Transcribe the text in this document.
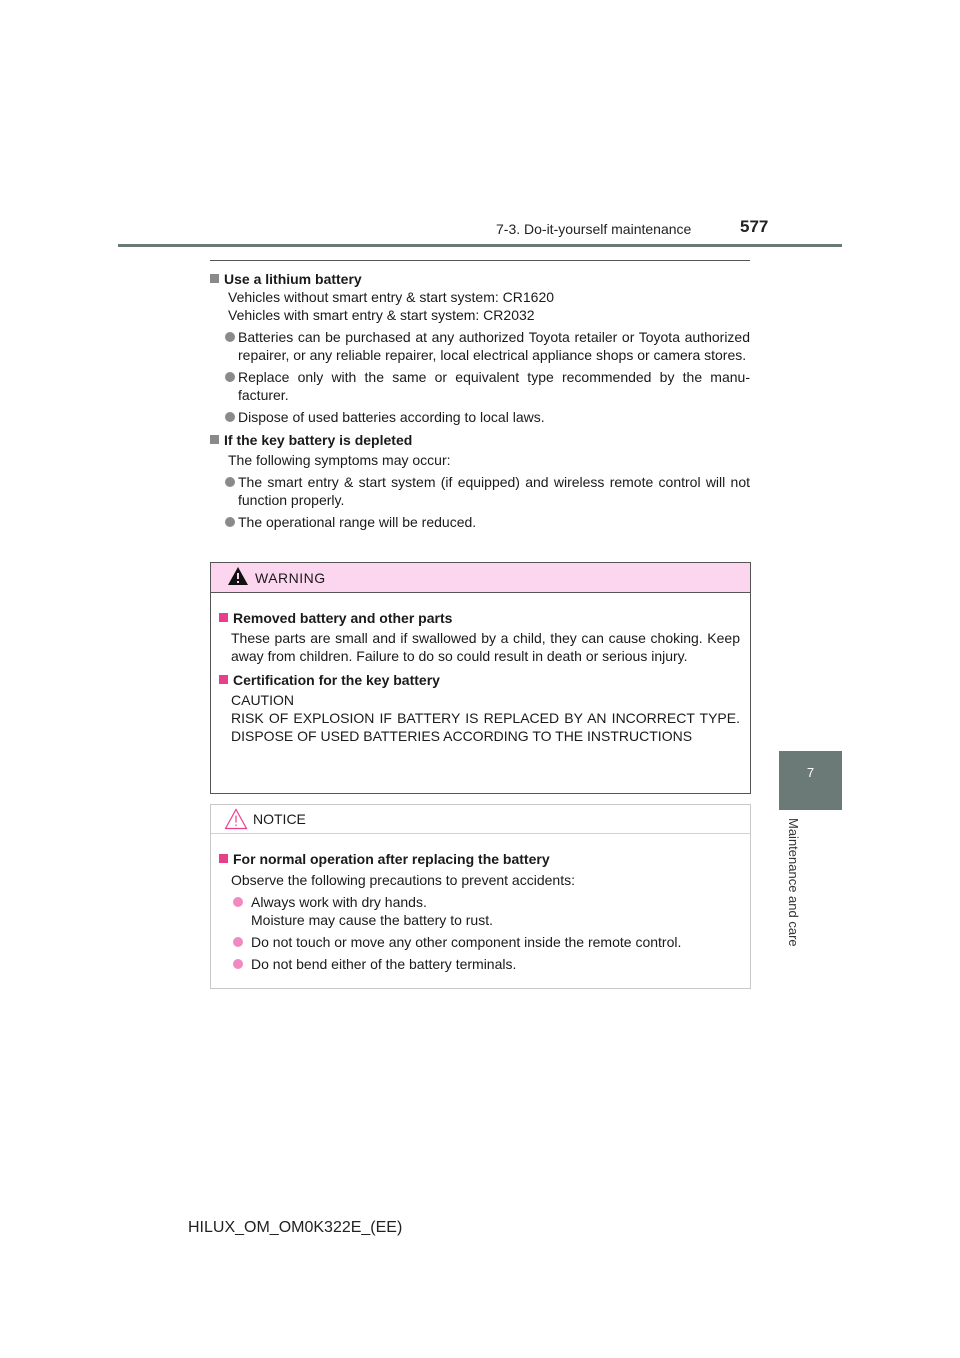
7-3. Do-it-yourself maintenance	577
7
Maintenance and care
Use a lithium battery
Vehicles without smart entry & start system: CR1620
Vehicles with smart entry & start system: CR2032
Batteries can be purchased at any authorized Toyota retailer or Toyota authorized repairer, or any reliable repairer, local electrical appliance shops or camera stores.
Replace only with the same or equivalent type recommended by the manu-facturer.
Dispose of used batteries according to local laws.
If the key battery is depleted
The following symptoms may occur:
The smart entry & start system (if equipped) and wireless remote control will not function properly.
The operational range will be reduced.
WARNING
Removed battery and other parts
These parts are small and if swallowed by a child, they can cause choking. Keep away from children. Failure to do so could result in death or serious injury.
Certification for the key battery
CAUTION
RISK OF EXPLOSION IF BATTERY IS REPLACED BY AN INCORRECT TYPE. DISPOSE OF USED BATTERIES ACCORDING TO THE INSTRUCTIONS
NOTICE
For normal operation after replacing the battery
Observe the following precautions to prevent accidents:
Always work with dry hands.
Moisture may cause the battery to rust.
Do not touch or move any other component inside the remote control.
Do not bend either of the battery terminals.
HILUX_OM_OM0K322E_(EE)
